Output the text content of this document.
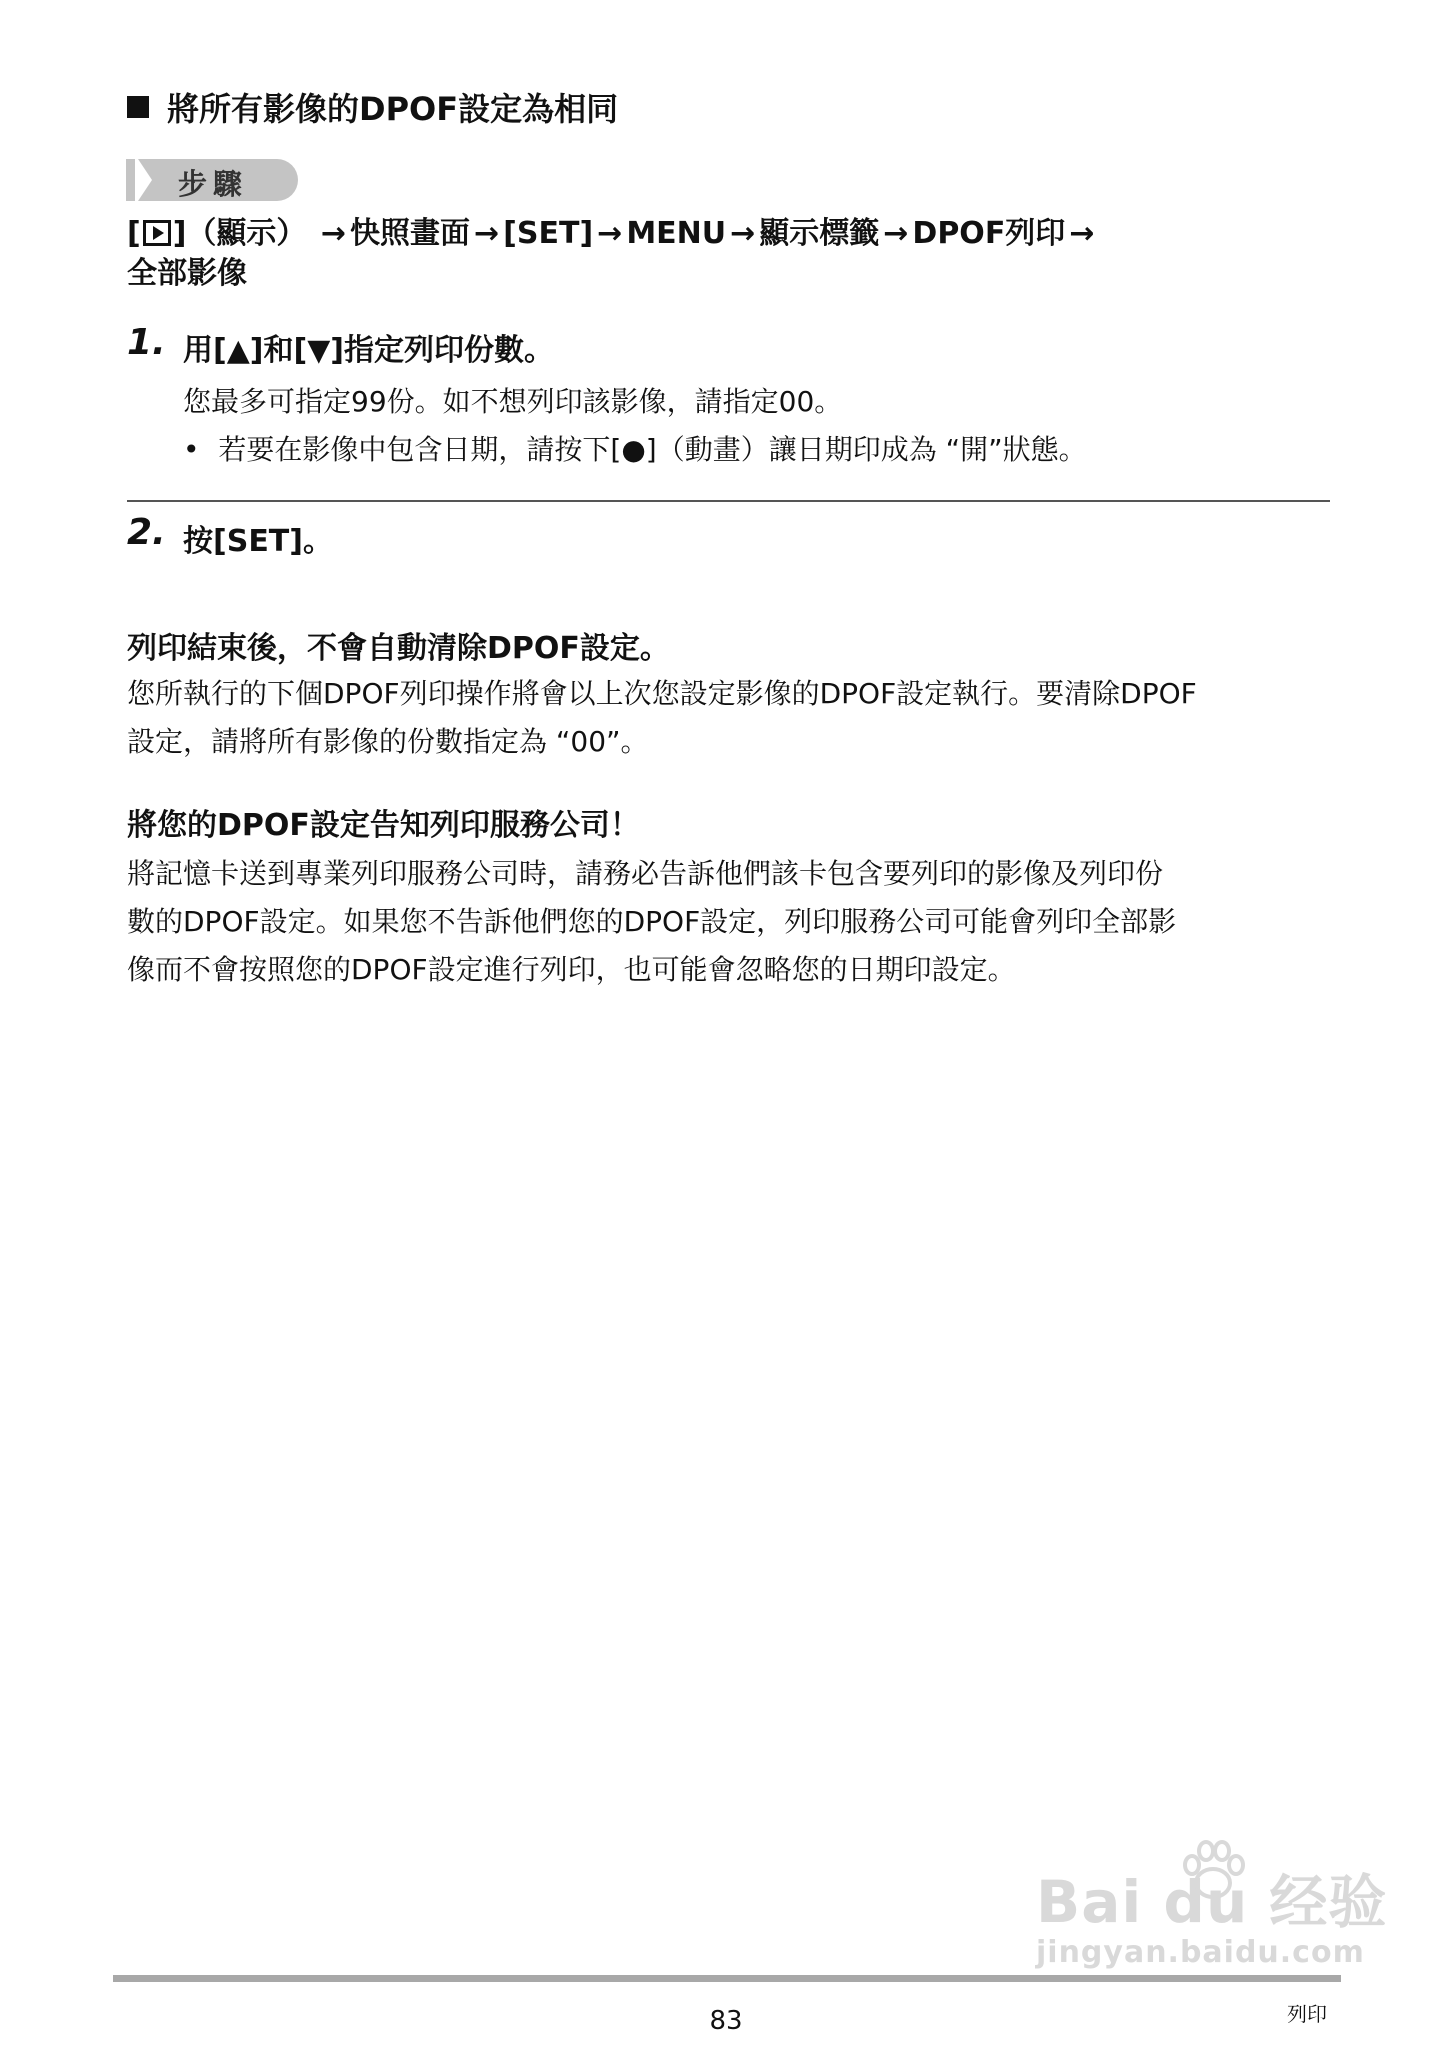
將所有影像的DPOF設定為相同
步驟
[ ]（顯示） → 快照畫面 → [SET] → MENU → 顯示標籤 → DPOF列印 →
全部影像
1. 用[▲]和[▼]指定列印份數。
您最多可指定99份。如不想列印該影像，請指定00。
• 若要在影像中包含日期，請按下[●]（動畫）讓日期印成為 “開”狀態。
2. 按[SET]。
列印結束後，不會自動清除DPOF設定。
您所執行的下個DPOF列印操作將會以上次您設定影像的DPOF設定執行。要清除DPOF
設定，請將所有影像的份數指定為 “00”。
將您的DPOF設定告知列印服務公司！
將記憶卡送到專業列印服務公司時，請務必告訴他們該卡包含要列印的影像及列印份
數的DPOF設定。如果您不告訴他們您的DPOF設定，列印服務公司可能會列印全部影
像而不會按照您的DPOF設定進行列印，也可能會忽略您的日期印設定。
Bai du 经验
jingyan.baidu.com
83	列印
